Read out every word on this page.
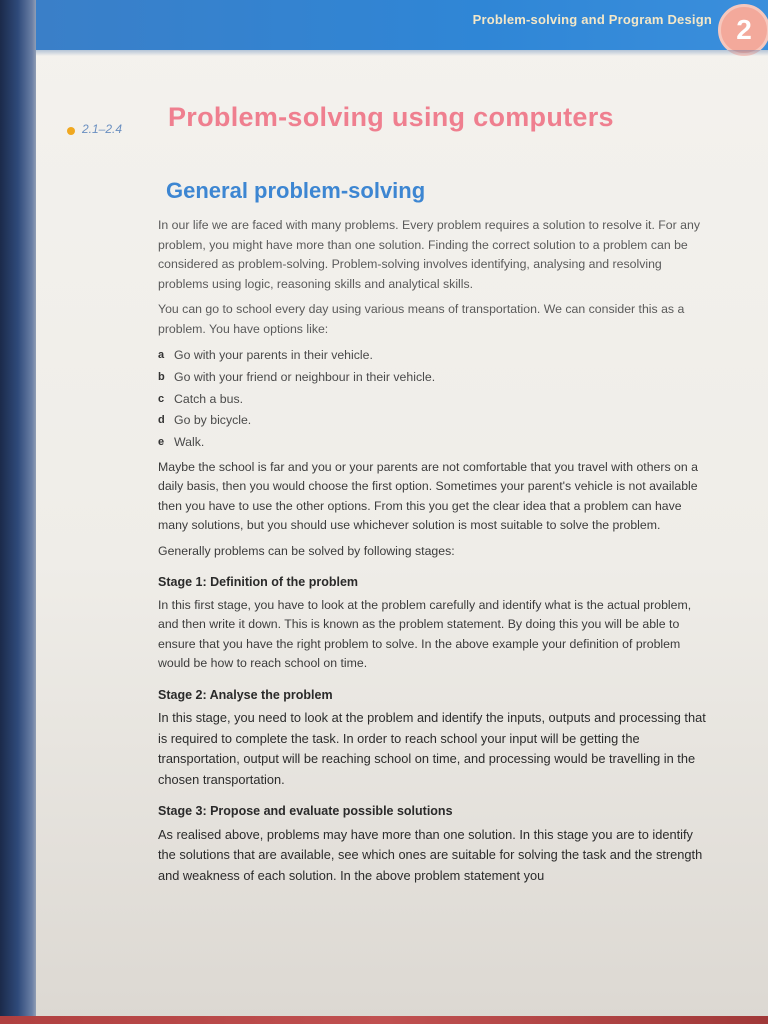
Problem-solving and Program Design 2
2.1–2.4 Problem-solving using computers
General problem-solving

In our life we are faced with many problems. Every problem requires a solution to resolve it. For any problem, you might have more than one solution. Finding the correct solution to a problem can be considered as problem-solving. Problem-solving involves identifying, analysing and resolving problems using logic, reasoning skills and analytical skills.

You can go to school every day using various means of transportation. We can consider this as a problem. You have options like:

a Go with your parents in their vehicle.
b Go with your friend or neighbour in their vehicle.
c Catch a bus.
d Go by bicycle.
e Walk.

Maybe the school is far and you or your parents are not comfortable that you travel with others on a daily basis, then you would choose the first option. Sometimes your parent's vehicle is not available then you have to use the other options. From this you get the clear idea that a problem can have many solutions, but you should use whichever solution is most suitable to solve the problem.

Generally problems can be solved by following stages:

Stage 1: Definition of the problem

In this first stage, you have to look at the problem carefully and identify what is the actual problem, and then write it down. This is known as the problem statement. By doing this you will be able to ensure that you have the right problem to solve. In the above example your definition of problem would be how to reach school on time.

Stage 2: Analyse the problem

In this stage, you need to look at the problem and identify the inputs, outputs and processing that is required to complete the task. In order to reach school your input will be getting the transportation, output will be reaching school on time, and processing would be travelling in the chosen transportation.

Stage 3: Propose and evaluate possible solutions

As realised above, problems may have more than one solution. In this stage you are to identify the solutions that are available, see which ones are suitable for solving the task and the strength and weakness of each solution. In the above problem statement you
